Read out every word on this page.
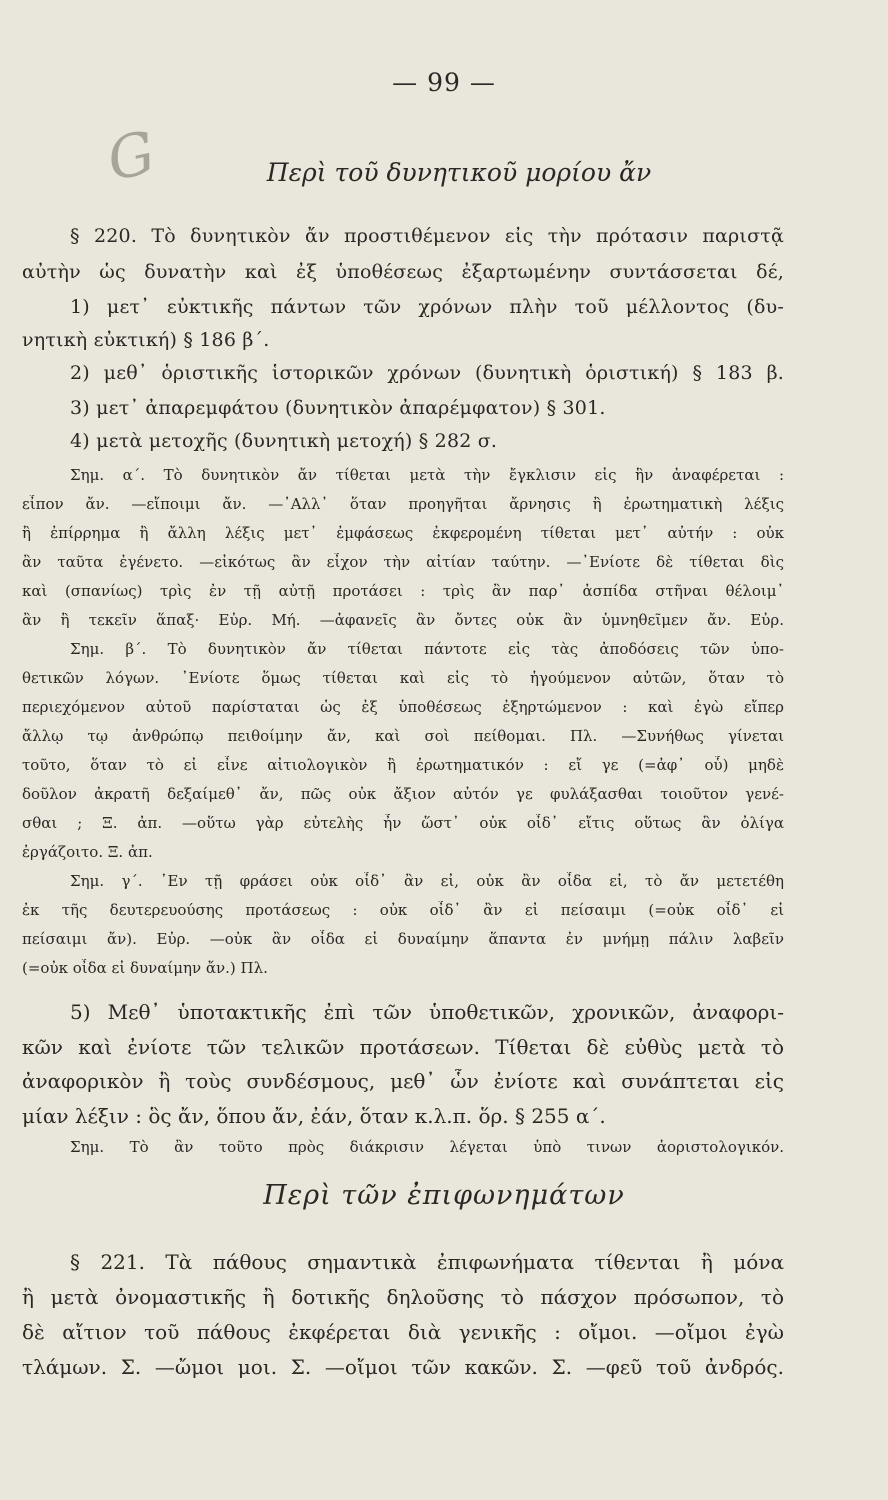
G
— 99 —
Περὶ τοῦ δυνητικοῦ μορίου ἄν
§ 220. Τὸ δυνητικὸν ἄν προστιθέμενον εἰς τὴν πρότασιν παριστᾷ
αὐτὴν ὡς δυνατὴν καὶ ἐξ ὑποθέσεως ἐξαρτωμένην συντάσσεται δέ,
1) μετ᾽ εὐκτικῆς πάντων τῶν χρόνων πλὴν τοῦ μέλλοντος (δυ-
νητικὴ εὐκτική) § 186 β΄.
2) μεθ᾽ ὁριστικῆς ἱστορικῶν χρόνων (δυνητικὴ ὁριστική) § 183 β.
3) μετ᾽ ἀπαρεμφάτου (δυνητικὸν ἀπαρέμφατον) § 301.
4) μετὰ μετοχῆς (δυνητικὴ μετοχή) § 282 σ.
Σημ. α΄. Τὸ δυνητικὸν ἄν τίθεται μετὰ τὴν ἔγκλισιν εἰς ἣν ἀναφέρεται :
εἶπον ἄν. —εἴποιμι ἄν. —᾽Αλλ᾽ ὅταν προηγῆται ἄρνησις ἢ ἐρωτηματικὴ λέξις
ἢ ἐπίρρημα ἢ ἄλλη λέξις μετ᾽ ἐμφάσεως ἐκφερομένη τίθεται μετ᾽ αὐτήν : οὐκ
ἂν ταῦτα ἐγένετο. —εἰκότως ἂν εἶχον τὴν αἰτίαν ταύτην. —᾽Ενίοτε δὲ τίθεται δὶς
καὶ (σπανίως) τρὶς ἐν τῇ αὐτῇ προτάσει : τρὶς ἂν παρ᾽ ἀσπίδα στῆναι θέλοιμ᾽
ἂν ἢ τεκεῖν ἅπαξ· Εὐρ. Μή. —ἀφανεῖς ἂν ὄντες οὐκ ἂν ὑμνηθεῖμεν ἄν. Εὐρ.
Σημ. β΄. Τὸ δυνητικὸν ἄν τίθεται πάντοτε εἰς τὰς ἀποδόσεις τῶν ὑπο-
θετικῶν λόγων. ᾽Ενίοτε ὅμως τίθεται καὶ εἰς τὸ ἡγούμενον αὐτῶν, ὅταν τὸ
περιεχόμενον αὐτοῦ παρίσταται ὡς ἐξ ὑποθέσεως ἐξηρτώμενον : καὶ ἐγὼ εἴπερ
ἄλλῳ τῳ ἀνθρώπῳ πειθοίμην ἄν, καὶ σοὶ πείθομαι. Πλ. —Συνήθως γίνεται
τοῦτο, ὅταν τὸ εἰ εἶνε αἰτιολογικὸν ἢ ἐρωτηματικόν : εἴ γε (=ἀφ᾽ οὗ) μηδὲ
δοῦλον ἀκρατῆ δεξαίμεθ᾽ ἄν, πῶς οὐκ ἄξιον αὐτόν γε φυλάξασθαι τοιοῦτον γενέ-
σθαι ; Ξ. ἀπ. —οὕτω γὰρ εὐτελὴς ἦν ὥστ᾽ οὐκ οἶδ᾽ εἴτις οὕτως ἂν ὀλίγα
ἐργάζοιτο. Ξ. ἀπ.
Σημ. γ΄. ᾽Εν τῇ φράσει οὐκ οἶδ᾽ ἂν εἰ, οὐκ ἂν οἶδα εἰ, τὸ ἄν μετετέθη
ἐκ τῆς δευτερευούσης προτάσεως : οὐκ οἶδ᾽ ἂν εἰ πείσαιμι (=οὐκ οἶδ᾽ εἰ
πείσαιμι ἄν). Εὐρ. —οὐκ ἂν οἶδα εἰ δυναίμην ἅπαντα ἐν μνήμῃ πάλιν λαβεῖν
(=οὐκ οἶδα εἰ δυναίμην ἄν.) Πλ.
5) Μεθ᾽ ὑποτακτικῆς ἐπὶ τῶν ὑποθετικῶν, χρονικῶν, ἀναφορι-
κῶν καὶ ἐνίοτε τῶν τελικῶν προτάσεων. Τίθεται δὲ εὐθὺς μετὰ τὸ
ἀναφορικὸν ἢ τοὺς συνδέσμους, μεθ᾽ ὧν ἐνίοτε καὶ συνάπτεται εἰς
μίαν λέξιν : ὃς ἄν, ὅπου ἄν, ἐάν, ὅταν κ.λ.π. ὅρ. § 255 α΄.
Σημ. Τὸ ἂν τοῦτο πρὸς διάκρισιν λέγεται ὑπὸ τινων ἀοριστολογικόν.
Περὶ τῶν ἐπιφωνημάτων
§ 221. Τὰ πάθους σημαντικὰ ἐπιφωνήματα τίθενται ἢ μόνα
ἢ μετὰ ὀνομαστικῆς ἢ δοτικῆς δηλοῦσης τὸ πάσχον πρόσωπον, τὸ
δὲ αἴτιον τοῦ πάθους ἐκφέρεται διὰ γενικῆς : οἴμοι. —οἴμοι ἐγὼ
τλάμων. Σ. —ὤμοι μοι. Σ. —οἴμοι τῶν κακῶν. Σ. —φεῦ τοῦ ἀνδρός.
